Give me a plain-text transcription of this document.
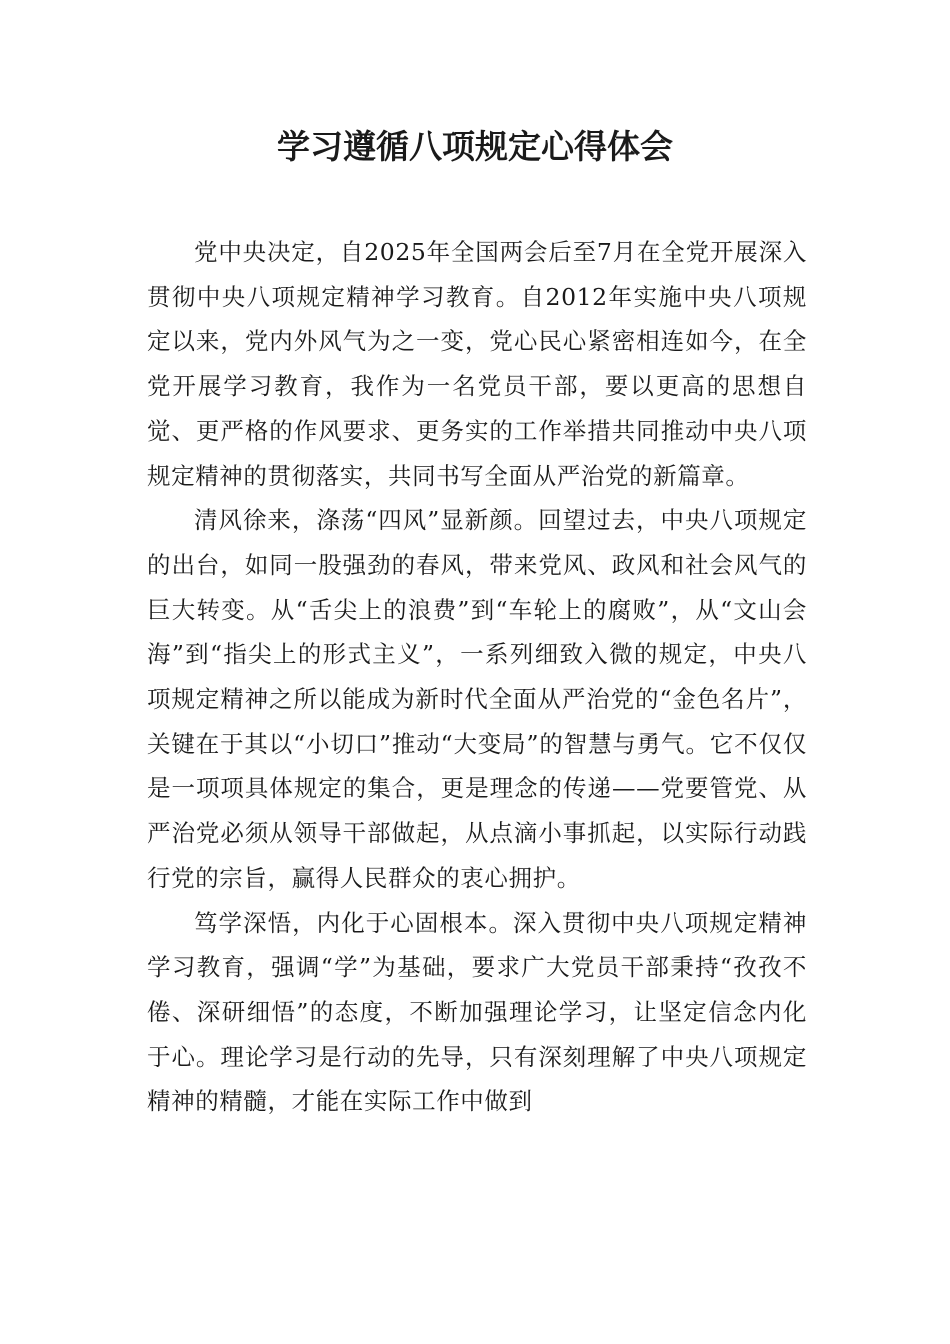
学习遵循八项规定心得体会

党中央决定，自2025年全国两会后至7月在全党开展深入贯彻中央八项规定精神学习教育。自2012年实施中央八项规定以来，党内外风气为之一变，党心民心紧密相连如今，在全党开展学习教育，我作为一名党员干部，要以更高的思想自觉、更严格的作风要求、更务实的工作举措共同推动中央八项规定精神的贯彻落实，共同书写全面从严治党的新篇章。

清风徐来，涤荡“四风”显新颜。回望过去，中央八项规定的出台，如同一股强劲的春风，带来党风、政风和社会风气的巨大转变。从“舌尖上的浪费”到“车轮上的腐败”，从“文山会海”到“指尖上的形式主义”，一系列细致入微的规定，中央八项规定精神之所以能成为新时代全面从严治党的“金色名片”，关键在于其以“小切口”推动“大变局”的智慧与勇气。它不仅仅是一项项具体规定的集合，更是理念的传递——党要管党、从严治党必须从领导干部做起，从点滴小事抓起，以实际行动践行党的宗旨，赢得人民群众的衷心拥护。

笃学深悟，内化于心固根本。深入贯彻中央八项规定精神学习教育，强调“学”为基础，要求广大党员干部秉持“孜孜不倦、深研细悟”的态度，不断加强理论学习，让坚定信念内化于心。理论学习是行动的先导，只有深刻理解了中央八项规定精神的精髓，才能在实际工作中做到
